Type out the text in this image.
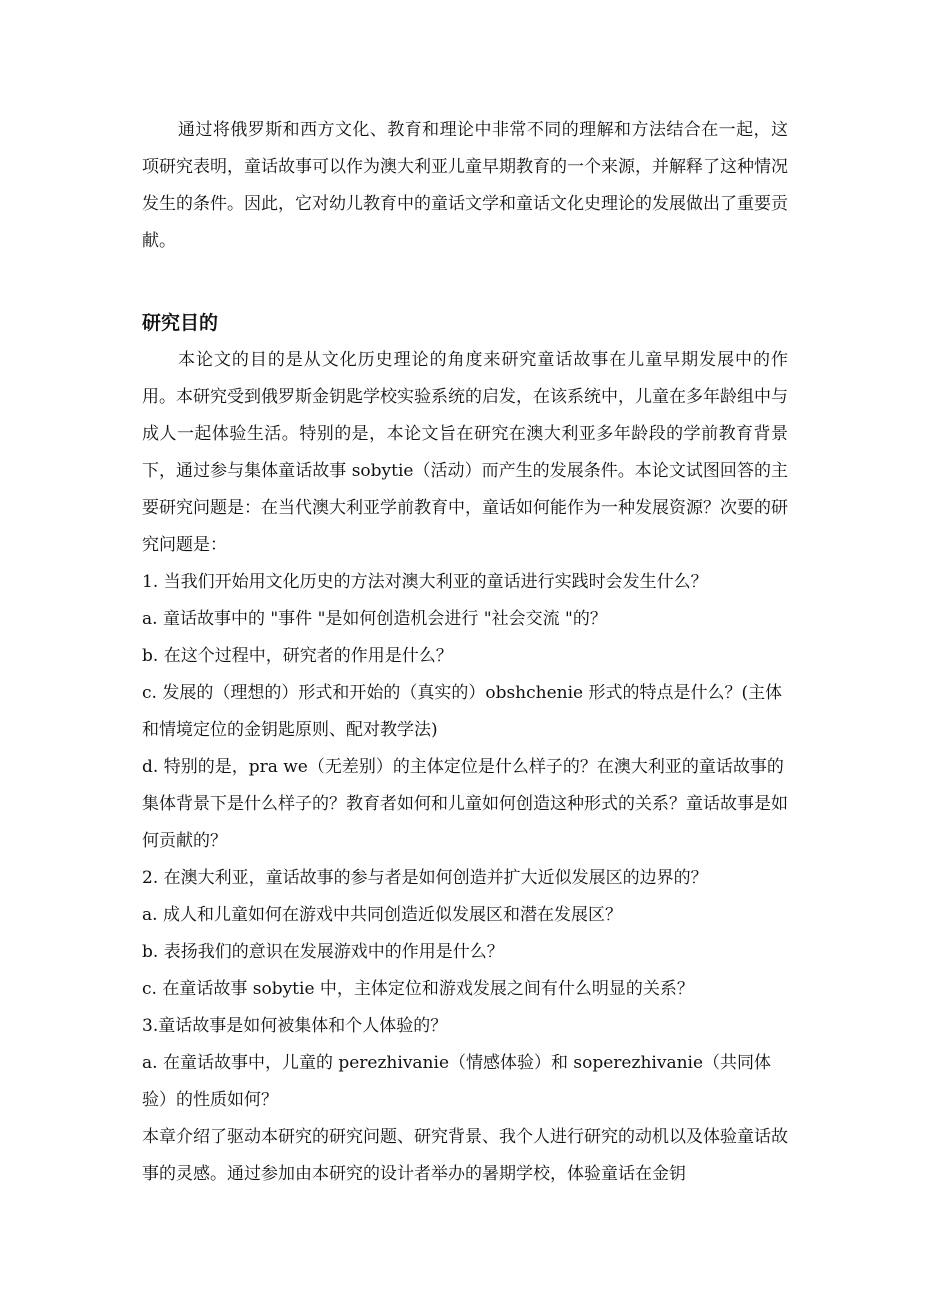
通过将俄罗斯和西方文化、教育和理论中非常不同的理解和方法结合在一起，这项研究表明，童话故事可以作为澳大利亚儿童早期教育的一个来源，并解释了这种情况发生的条件。因此，它对幼儿教育中的童话文学和童话文化史理论的发展做出了重要贡献。

研究目的

本论文的目的是从文化历史理论的角度来研究童话故事在儿童早期发展中的作用。本研究受到俄罗斯金钥匙学校实验系统的启发，在该系统中，儿童在多年龄组中与成人一起体验生活。特别的是，本论文旨在研究在澳大利亚多年龄段的学前教育背景下，通过参与集体童话故事 sobytie（活动）而产生的发展条件。本论文试图回答的主要研究问题是：在当代澳大利亚学前教育中，童话如何能作为一种发展资源？次要的研究问题是：

1. 当我们开始用文化历史的方法对澳大利亚的童话进行实践时会发生什么？

a. 童话故事中的 "事件 "是如何创造机会进行 "社会交流 "的？

b. 在这个过程中，研究者的作用是什么？

c. 发展的（理想的）形式和开始的（真实的）obshchenie 形式的特点是什么？(主体和情境定位的金钥匙原则、配对教学法)

d. 特别的是，pra we（无差别）的主体定位是什么样子的？在澳大利亚的童话故事的集体背景下是什么样子的？教育者如何和儿童如何创造这种形式的关系？童话故事是如何贡献的？

2. 在澳大利亚，童话故事的参与者是如何创造并扩大近似发展区的边界的？

a. 成人和儿童如何在游戏中共同创造近似发展区和潜在发展区？

b. 表扬我们的意识在发展游戏中的作用是什么？

c. 在童话故事 sobytie 中，主体定位和游戏发展之间有什么明显的关系？

3.童话故事是如何被集体和个人体验的？

a. 在童话故事中，儿童的 perezhivanie（情感体验）和 soperezhivanie（共同体验）的性质如何？

本章介绍了驱动本研究的研究问题、研究背景、我个人进行研究的动机以及体验童话故事的灵感。通过参加由本研究的设计者举办的暑期学校，体验童话在金钥
